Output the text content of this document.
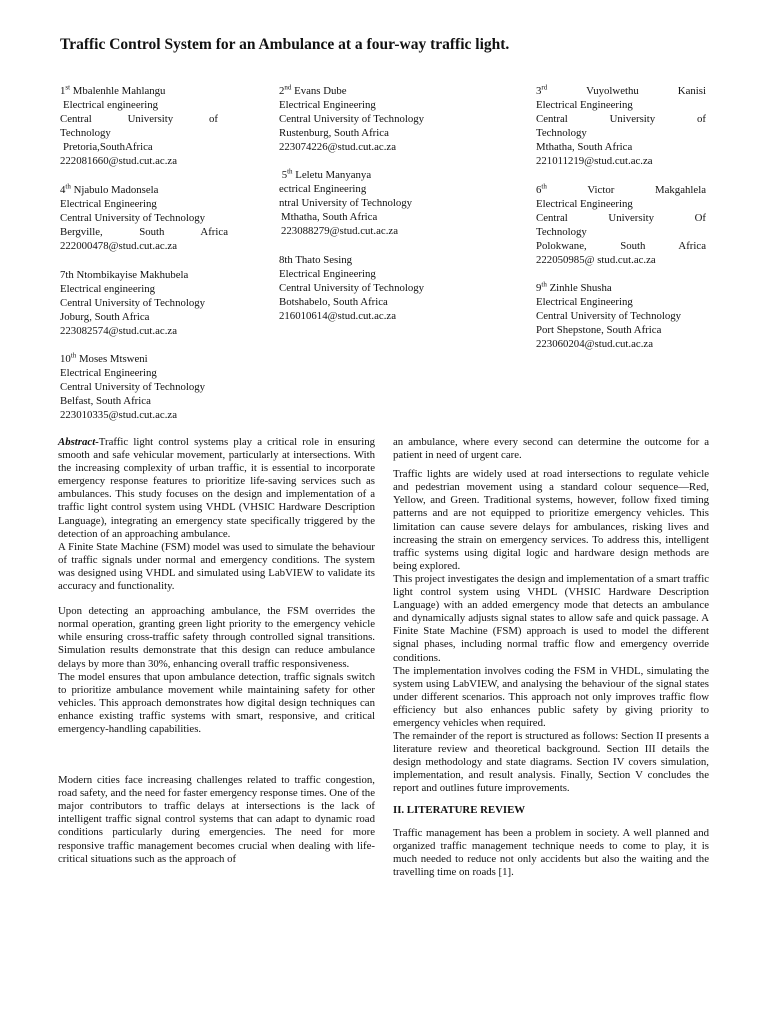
Traffic Control System for an Ambulance at a four-way traffic light.
1st Mbalenhle Mahlangu
Electrical engineering
Central University of
Technology
Pretoria,SouthAfrica
222081660@stud.cut.ac.za
2nd Evans Dube
Electrical Engineering
Central University of Technology
Rustenburg, South Africa
223074226@stud.cut.ac.za
3rd	Vuyolwethu Kanisi
Electrical Engineering
Central University of
Technology
Mthatha, South Africa
221011219@stud.cut.ac.za
4th Njabulo Madonsela
Electrical Engineering
Central University of Technology
Bergville, South Africa
222000478@stud.cut.ac.za
5th Leletu Manyanya
ectrical Engineering
ntral University of Technology
Mthatha, South Africa
223088279@stud.cut.ac.za
6th	Victor Makgahlela
Electrical Engineering
Central University Of
Technology
Polokwane, South Africa
222050985@ stud.cut.ac.za
7th Ntombikayise Makhubela
Electrical engineering
Central University of Technology
Joburg, South Africa
223082574@stud.cut.ac.za
8th Thato Sesing
Electrical Engineering
Central University of Technology
Botshabelo, South Africa
216010614@stud.cut.ac.za
9th Zinhle Shusha
Electrical Engineering
Central University of Technology
Port Shepstone, South Africa
223060204@stud.cut.ac.za
10th Moses Mtsweni
Electrical Engineering
Central University of Technology
Belfast, South Africa
223010335@stud.cut.ac.za

Abstract-Traffic light control systems play a critical role in ensuring smooth and safe vehicular movement, particularly at intersections. With the increasing complexity of urban traffic, it is essential to incorporate emergency response features to prioritize life-saving services such as ambulances. This study focuses on the design and implementation of a traffic light control system using VHDL (VHSIC Hardware Description Language), integrating an emergency state specifically triggered by the detection of an approaching ambulance.

A Finite State Machine (FSM) model was used to simulate the behaviour of traffic signals under normal and emergency conditions. The system was designed using VHDL and simulated using LabVIEW to validate its accuracy and functionality.

Upon detecting an approaching ambulance, the FSM overrides the normal operation, granting green light priority to the emergency vehicle while ensuring cross-traffic safety through controlled signal transitions. Simulation results demonstrate that this design can reduce ambulance delays by more than 30%, enhancing overall traffic responsiveness.

The model ensures that upon ambulance detection, traffic signals switch to prioritize ambulance movement while maintaining safety for other vehicles. This approach demonstrates how digital design techniques can enhance existing traffic systems with smart, responsive, and critical emergency-handling capabilities.

Modern cities face increasing challenges related to traffic congestion, road safety, and the need for faster emergency response times. One of the major contributors to traffic delays at intersections is the lack of intelligent traffic signal control systems that can adapt to dynamic road conditions particularly during emergencies. The need for more responsive traffic management becomes crucial when dealing with life-critical situations such as the approach of

an ambulance, where every second can determine the outcome for a patient in need of urgent care.

Traffic lights are widely used at road intersections to regulate vehicle and pedestrian movement using a standard colour sequence—Red, Yellow, and Green. Traditional systems, however, follow fixed timing patterns and are not equipped to prioritize emergency vehicles. This limitation can cause severe delays for ambulances, risking lives and increasing the strain on emergency services. To address this, intelligent traffic systems using digital logic and hardware design methods are being explored.

This project investigates the design and implementation of a smart traffic light control system using VHDL (VHSIC Hardware Description Language) with an added emergency mode that detects an ambulance and dynamically adjusts signal states to allow safe and quick passage. A Finite State Machine (FSM) approach is used to model the different signal phases, including normal traffic flow and emergency override conditions.

The implementation involves coding the FSM in VHDL, simulating the system using LabVIEW, and analysing the behaviour of the signal states under different scenarios. This approach not only improves traffic flow efficiency but also enhances public safety by giving priority to emergency vehicles when required.

The remainder of the report is structured as follows: Section II presents a literature review and theoretical background. Section III details the design methodology and state diagrams. Section IV covers simulation, implementation, and result analysis. Finally, Section V concludes the report and outlines future improvements.

II. LITERATURE REVIEW

Traffic management has been a problem in society. A well planned and organized traffic management technique needs to come to play, it is much needed to reduce not only accidents but also the waiting and the travelling time on roads [1].
